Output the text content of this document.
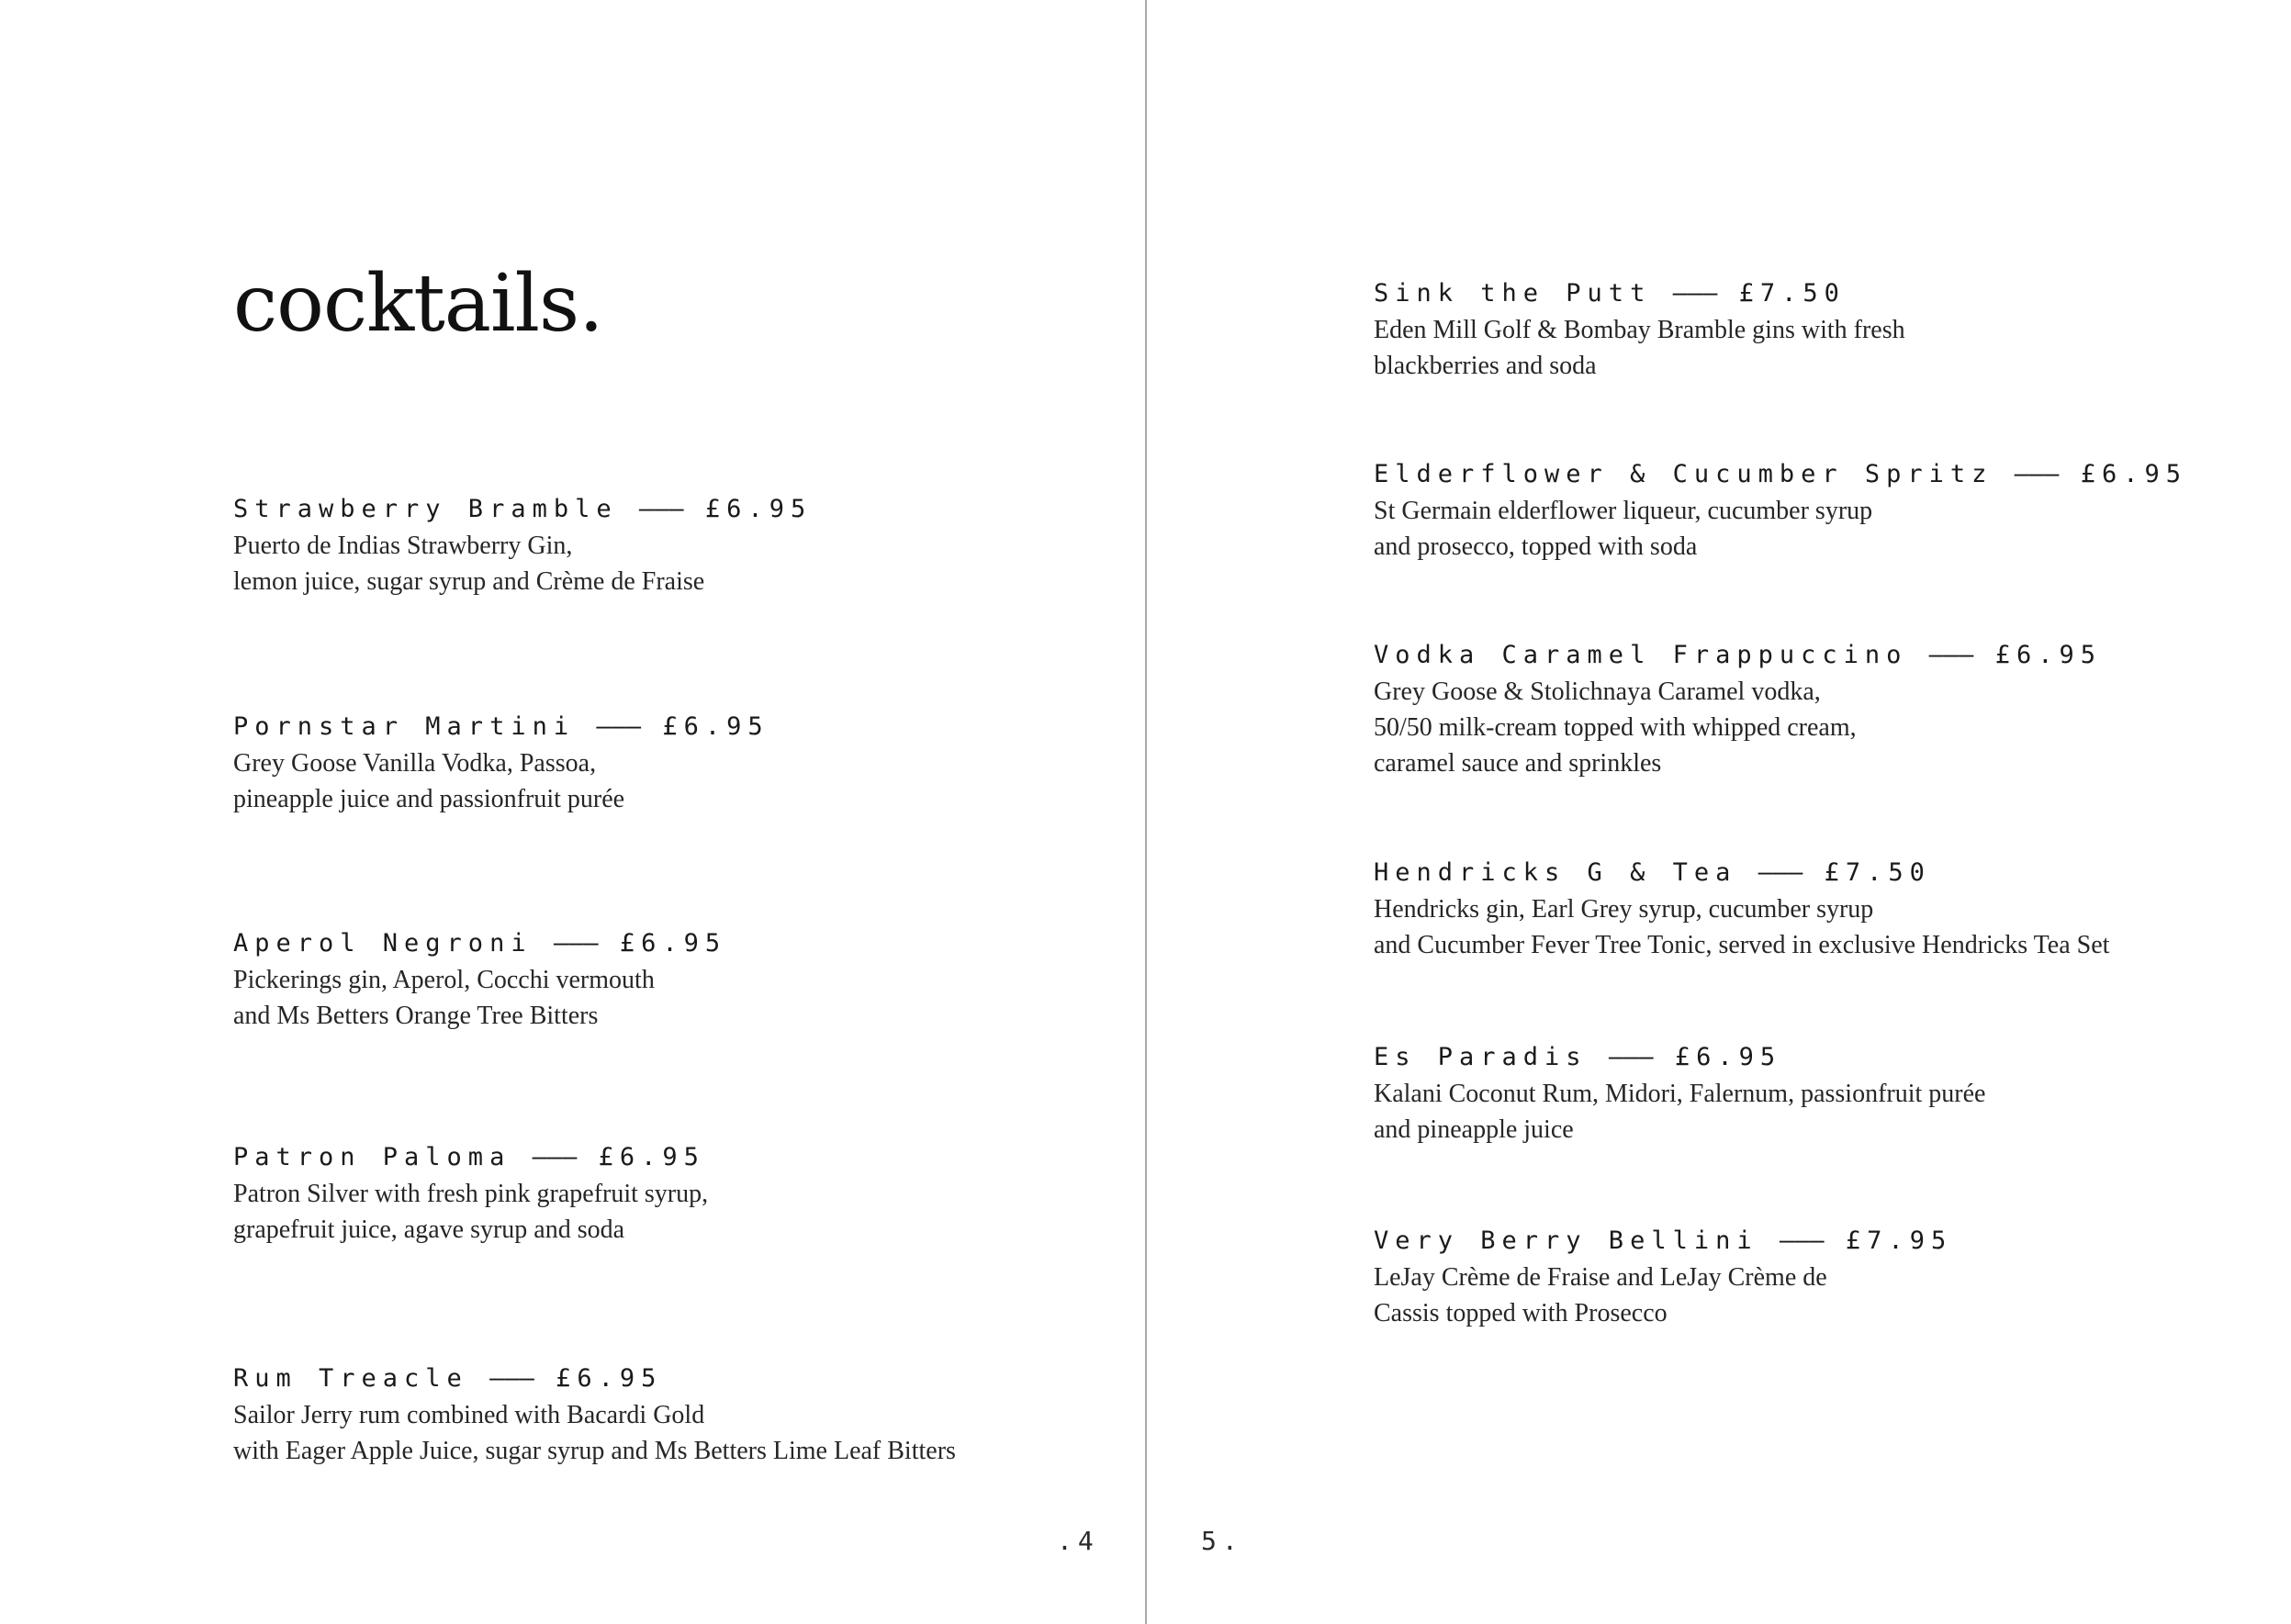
cocktails.
Strawberry Bramble ——— £6.95
Puerto de Indias Strawberry Gin,
lemon juice, sugar syrup and Crème de Fraise
Pornstar Martini ——— £6.95
Grey Goose Vanilla Vodka, Passoa,
pineapple juice and passionfruit purée
Aperol Negroni ——— £6.95
Pickerings gin, Aperol, Cocchi vermouth
and Ms Betters Orange Tree Bitters
Patron Paloma ——— £6.95
Patron Silver with fresh pink grapefruit syrup,
grapefruit juice, agave syrup and soda
Rum Treacle ——— £6.95
Sailor Jerry rum combined with Bacardi Gold
with Eager Apple Juice, sugar syrup and Ms Betters Lime Leaf Bitters
Sink the Putt ——— £7.50
Eden Mill Golf & Bombay Bramble gins with fresh
blackberries and soda
Elderflower & Cucumber Spritz ——— £6.95
St Germain elderflower liqueur, cucumber syrup
and prosecco, topped with soda
Vodka Caramel Frappuccino ——— £6.95
Grey Goose & Stolichnaya Caramel vodka,
50/50 milk-cream topped with whipped cream,
caramel sauce and sprinkles
Hendricks G & Tea ——— £7.50
Hendricks gin, Earl Grey syrup, cucumber syrup
and Cucumber Fever Tree Tonic, served in exclusive Hendricks Tea Set
Es Paradis ——— £6.95
Kalani Coconut Rum, Midori, Falernum, passionfruit purée
and pineapple juice
Very Berry Bellini ——— £7.95
LeJay Crème de Fraise and LeJay Crème de
Cassis topped with Prosecco
.4	5.
